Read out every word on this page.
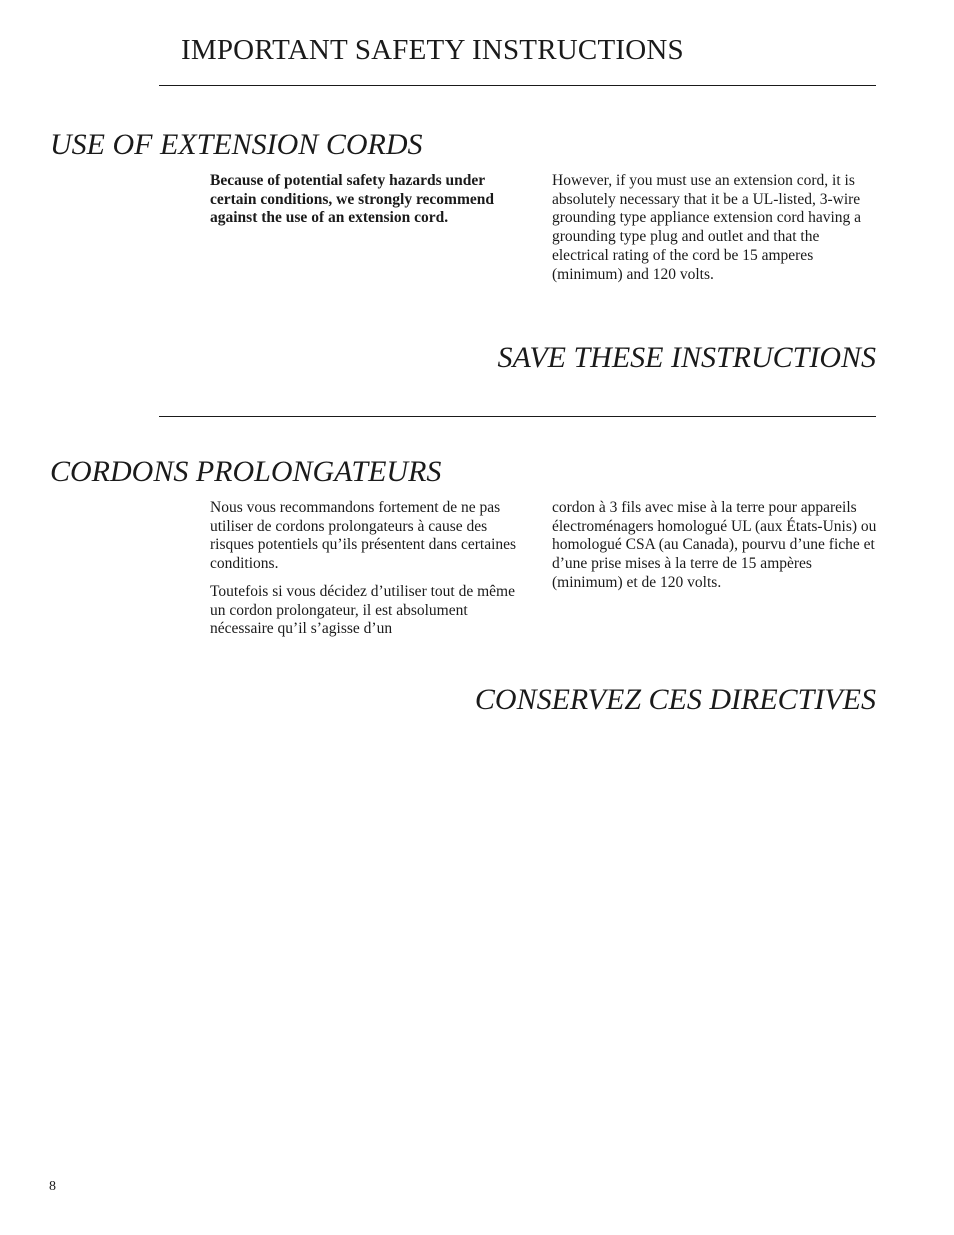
IMPORTANT SAFETY INSTRUCTIONS
USE OF EXTENSION CORDS

Because of potential safety hazards under certain conditions, we strongly recommend against the use of an extension cord.

However, if you must use an extension cord, it is absolutely necessary that it be a UL-listed, 3-wire grounding type appliance extension cord having a grounding type plug and outlet and that the electrical rating of the cord be 15 amperes (minimum) and 120 volts.

SAVE THESE INSTRUCTIONS
CORDONS PROLONGATEURS

Nous vous recommandons fortement de ne pas utiliser de cordons prolongateurs à cause des risques potentiels qu’ils présentent dans certaines conditions.

Toutefois si vous décidez d’utiliser tout de même un cordon prolongateur, il est absolument nécessaire qu’il s’agisse d’un

cordon à 3 fils avec mise à la terre pour appareils électroménagers homologué UL (aux États-Unis) ou homologué CSA (au Canada), pourvu d’une fiche et d’une prise mises à la terre de 15 ampères (minimum) et de 120 volts.

CONSERVEZ CES DIRECTIVES
8
